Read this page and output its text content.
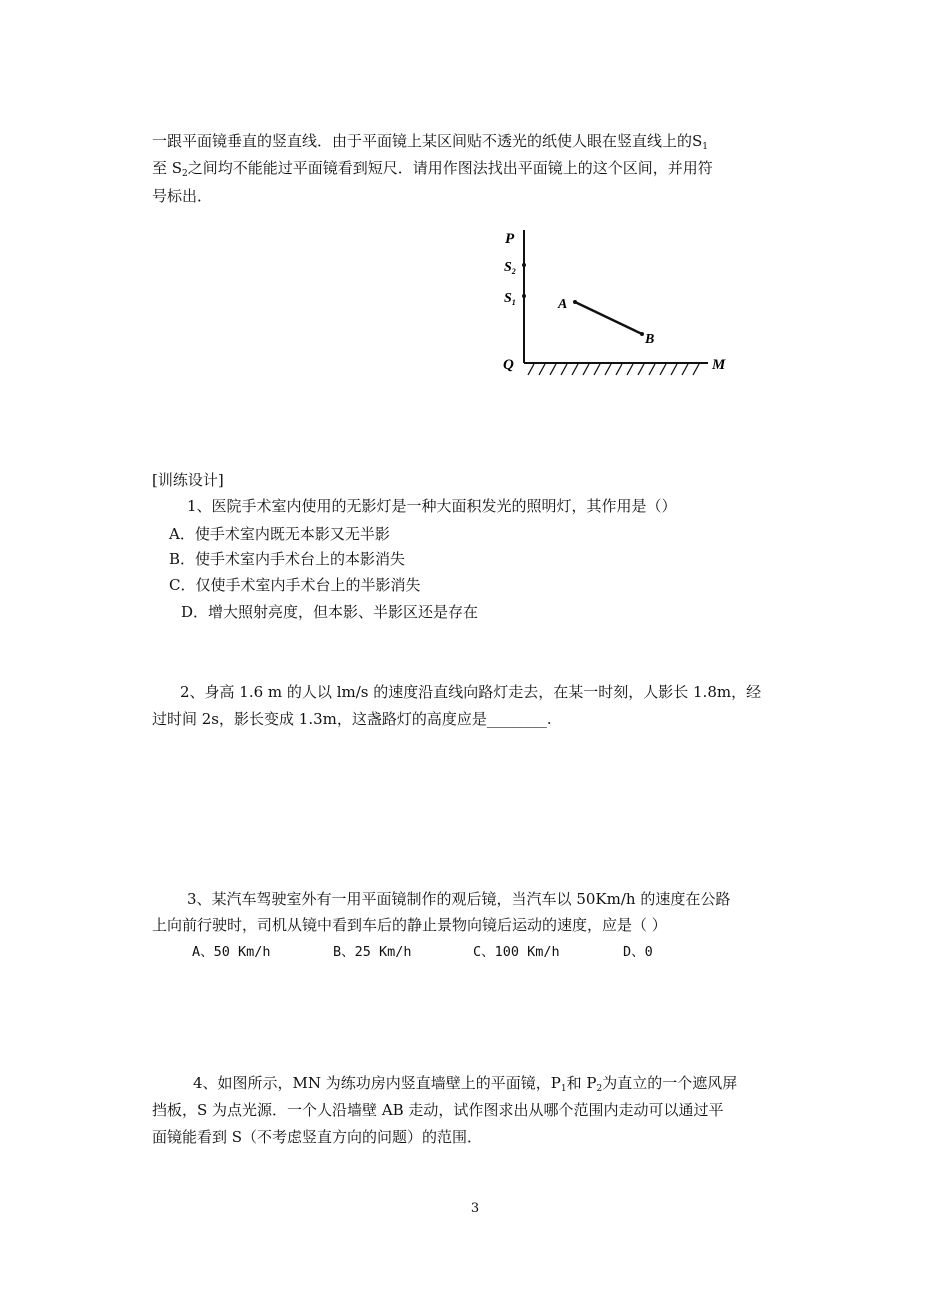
一跟平面镜垂直的竖直线．由于平面镜上某区间贴不透光的纸使人眼在竖直线上的$S_1$
至 $S_2$之间均不能能过平面镜看到短尺．请用作图法找出平面镜上的这个区间，并用符
号标出．
P
$S_2$
$S_1$	A
B
Q	M
[训练设计]
1、医院手术室内使用的无影灯是一种大面积发光的照明灯，其作用是（）
A．使手术室内既无本影又无半影
B．使手术室内手术台上的本影消失
C．仅使手术室内手术台上的半影消失
D．增大照射亮度，但本影、半影区还是存在
2、身高 1.6 m 的人以 lm/s 的速度沿直线向路灯走去，在某一时刻，人影长 1.8m，经
过时间 2s，影长变成 1.3m，这盏路灯的高度应是________.
3、某汽车驾驶室外有一用平面镜制作的观后镜，当汽车以 50Km/h 的速度在公路
上向前行驶时，司机从镜中看到车后的静止景物向镜后运动的速度，应是（ ）
A、50 Km/h	B、25 Km/h	C、100 Km/h	D、0
4、如图所示，MN 为练功房内竖直墙壁上的平面镜，$P_1$和 $P_2$为直立的一个遮风屏
挡板，S 为点光源．一个人沿墙壁 AB 走动，试作图求出从哪个范围内走动可以通过平
面镜能看到 S（不考虑竖直方向的问题）的范围．
3
